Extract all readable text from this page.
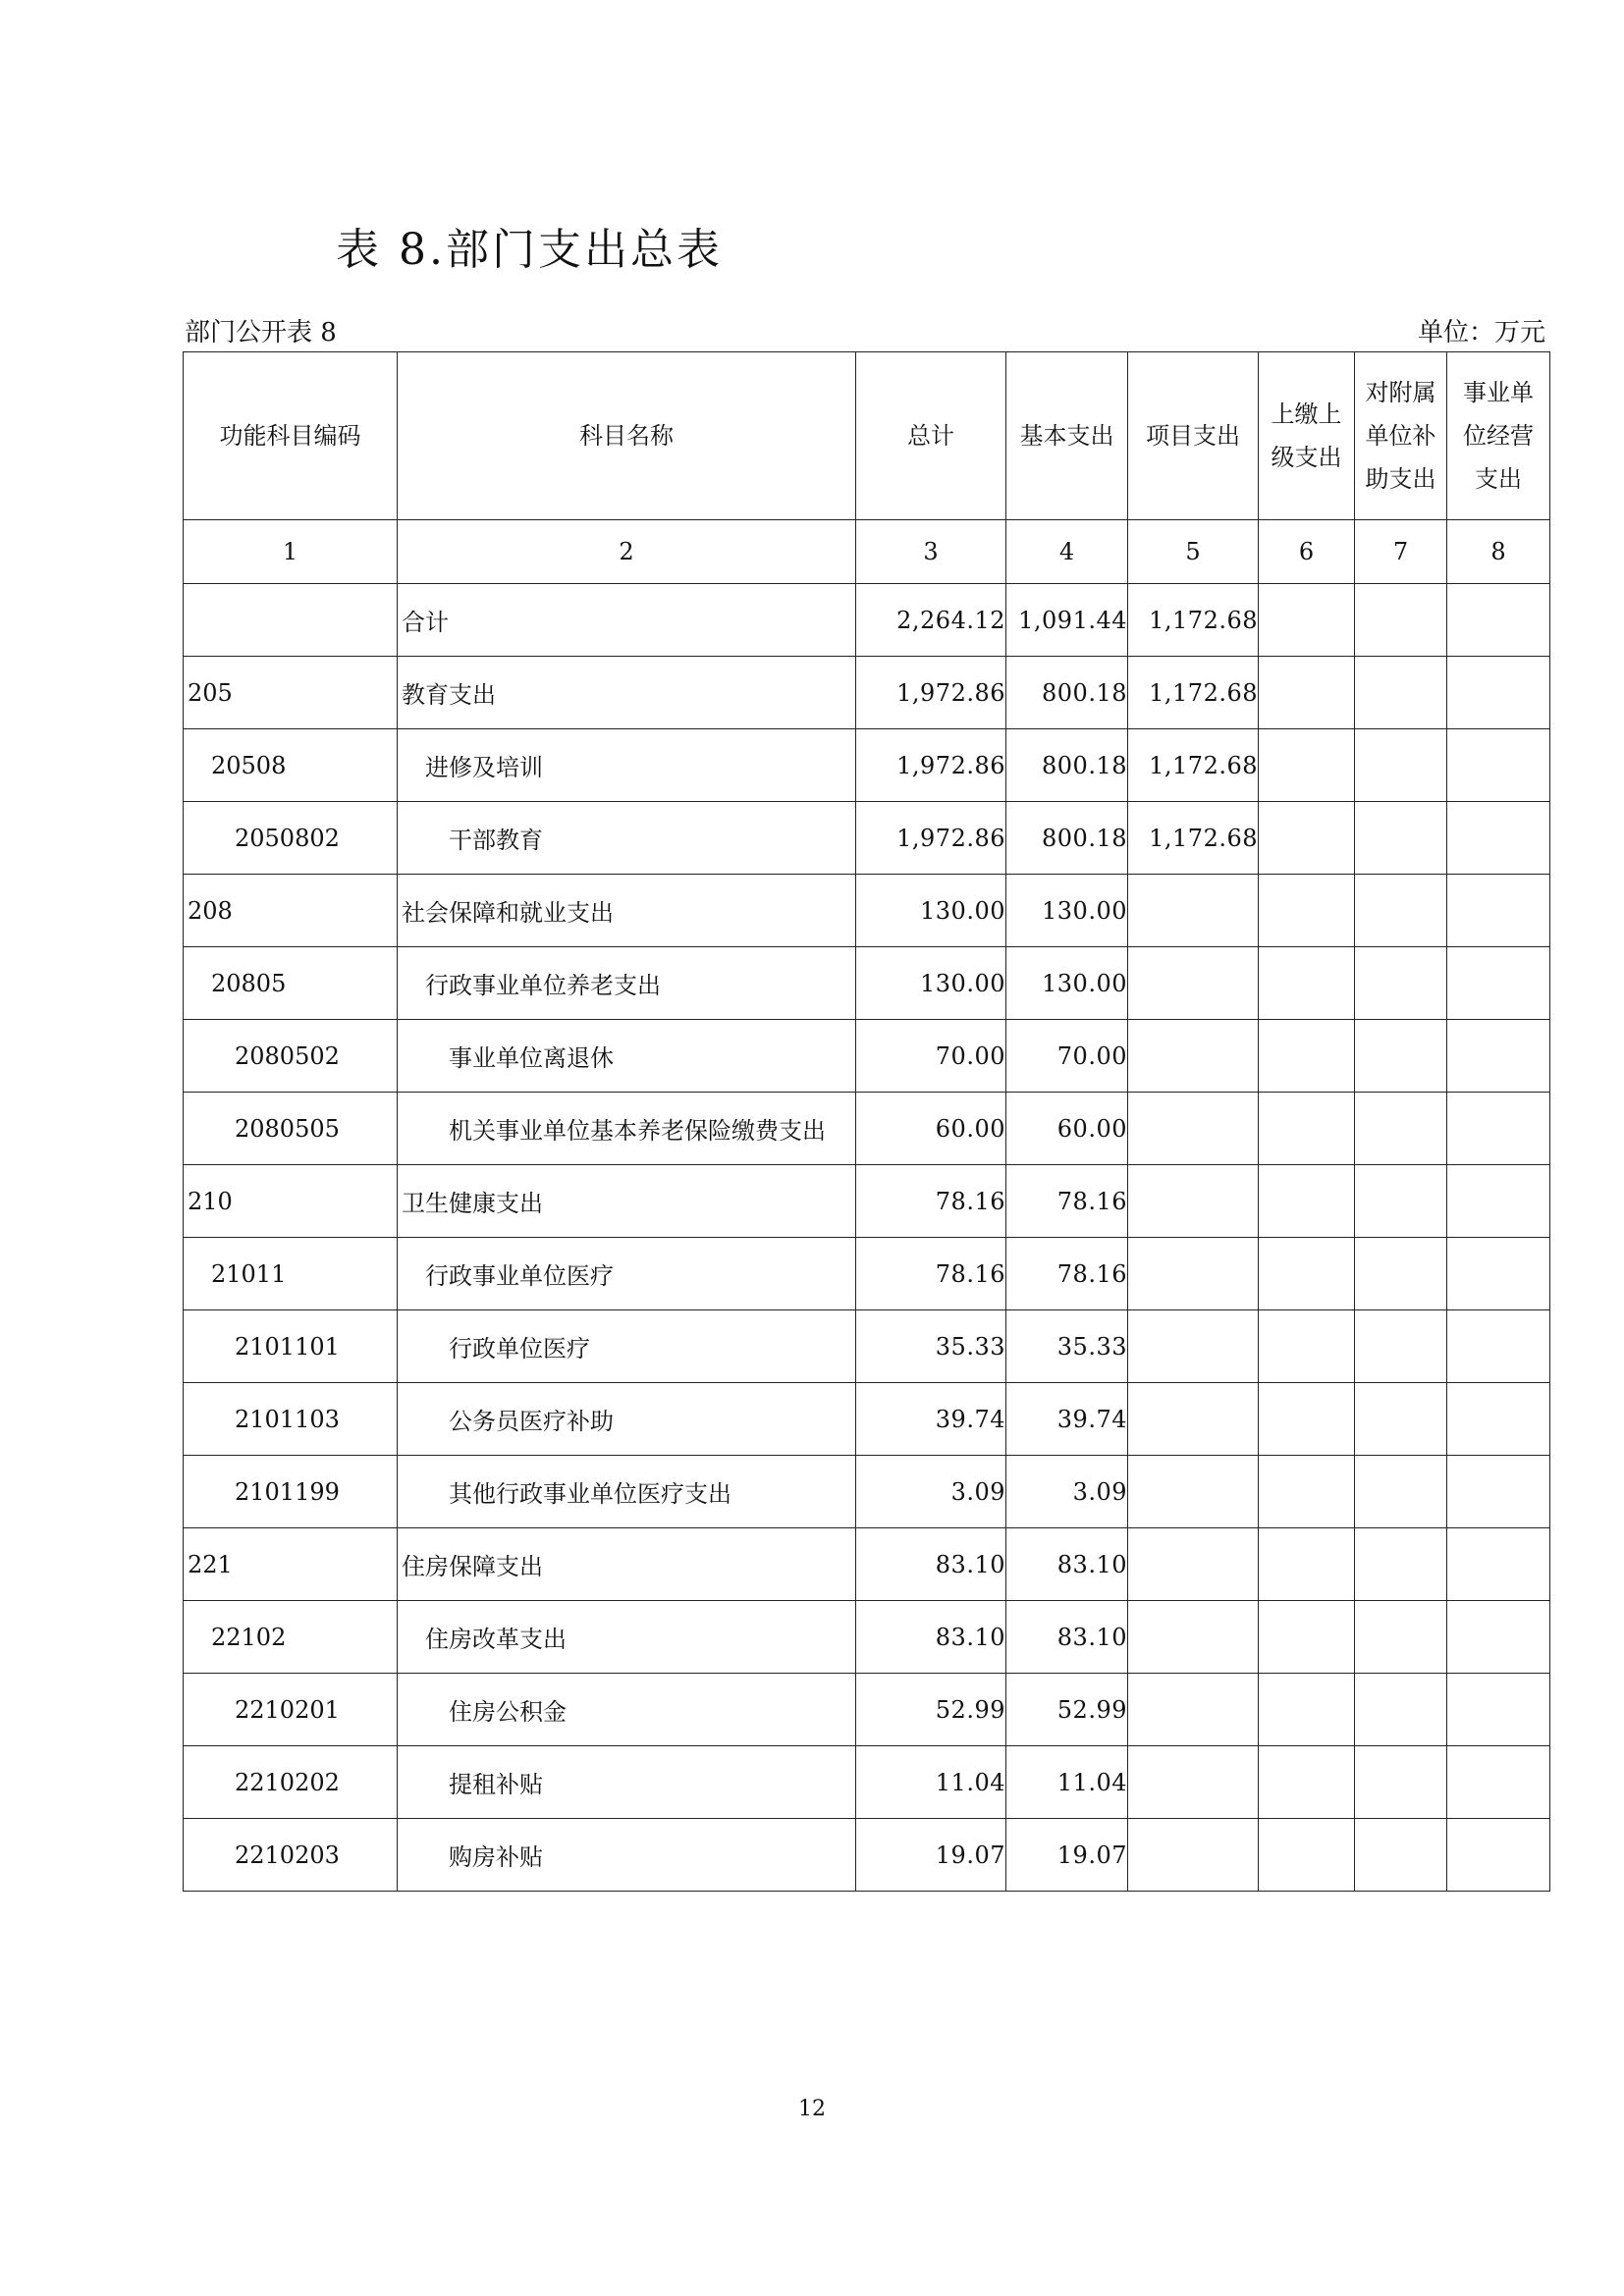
表 8.部门支出总表
部门公开表 8	单位：万元
功能科目编码	科目名称	总计	基本支出	项目支出	上缴上级支出	对附属单位补助支出	事业单位经营支出
1	2	3	4	5	6	7	8
	合计	2,264.12	1,091.44	1,172.68			
205	教育支出	1,972.86	800.18	1,172.68			
20508	进修及培训	1,972.86	800.18	1,172.68			
2050802	干部教育	1,972.86	800.18	1,172.68			
208	社会保障和就业支出	130.00	130.00				
20805	行政事业单位养老支出	130.00	130.00				
2080502	事业单位离退休	70.00	70.00				
2080505	机关事业单位基本养老保险缴费支出	60.00	60.00				
210	卫生健康支出	78.16	78.16				
21011	行政事业单位医疗	78.16	78.16				
2101101	行政单位医疗	35.33	35.33				
2101103	公务员医疗补助	39.74	39.74				
2101199	其他行政事业单位医疗支出	3.09	3.09				
221	住房保障支出	83.10	83.10				
22102	住房改革支出	83.10	83.10				
2210201	住房公积金	52.99	52.99				
2210202	提租补贴	11.04	11.04				
2210203	购房补贴	19.07	19.07				
12
